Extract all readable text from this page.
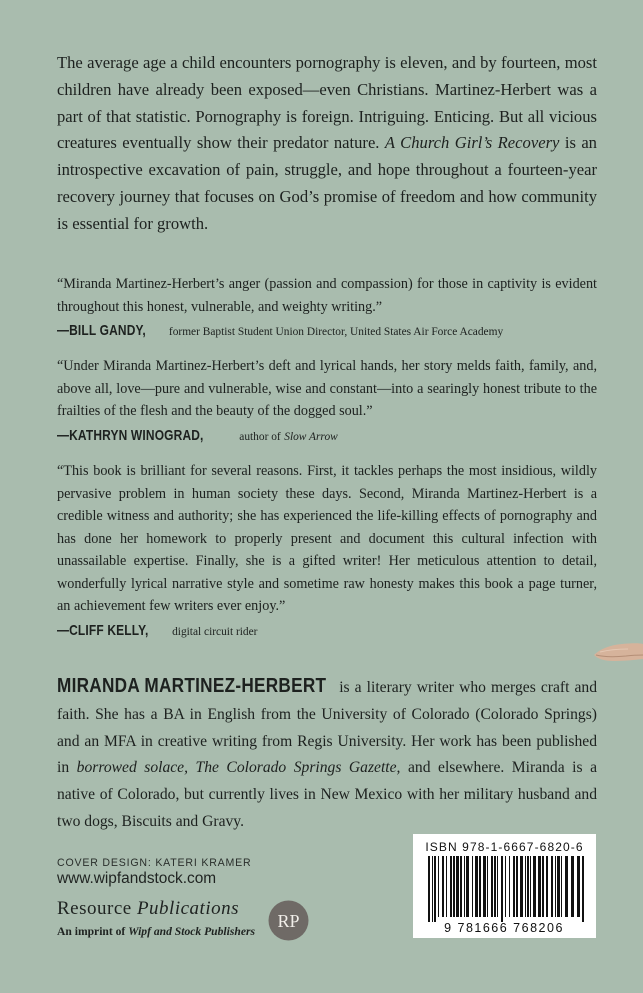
The average age a child encounters pornography is eleven, and by fourteen, most children have already been exposed—even Christians. Martinez-Herbert was a part of that statistic. Pornography is foreign. Intriguing. Enticing. But all vicious creatures eventually show their predator nature. A Church Girl’s Recovery is an introspective excavation of pain, struggle, and hope throughout a fourteen-year recovery journey that focuses on God’s promise of freedom and how community is essential for growth.
“Miranda Martinez-Herbert’s anger (passion and compassion) for those in captivity is evident throughout this honest, vulnerable, and weighty writing.”
—BILL GANDY, former Baptist Student Union Director, United States Air Force Academy
“Under Miranda Martinez-Herbert’s deft and lyrical hands, her story melds faith, family, and, above all, love—pure and vulnerable, wise and constant—into a searingly honest tribute to the frailties of the flesh and the beauty of the dogged soul.”
—KATHRYN WINOGRAD,	author of Slow Arrow
“This book is brilliant for several reasons. First, it tackles perhaps the most insidious, wildly pervasive problem in human society these days. Second, Miranda Martinez-Herbert is a credible witness and authority; she has experienced the life-killing effects of pornography and has done her homework to properly present and document this cultural infection with unassailable expertise. Finally, she is a gifted writer! Her meticulous attention to detail, wonderfully lyrical narrative style and sometime raw honesty makes this book a page turner, an achievement few writers ever enjoy.”
—CLIFF KELLY, digital circuit rider
MIRANDA MARTINEZ-HERBERT is a literary writer who merges craft and faith. She has a BA in English from the University of Colorado (Colorado Springs) and an MFA in creative writing from Regis University. Her work has been published in borrowed solace, The Colorado Springs Gazette, and elsewhere. Miranda is a native of Colorado, but currently lives in New Mexico with her military husband and two dogs, Biscuits and Gravy.
COVER DESIGN: KATERI KRAMER
www.wipfandstock.com
Resource Publications
An imprint of Wipf and Stock Publishers
RP
ISBN 978-1-6667-6820-6
9 781666 768206
